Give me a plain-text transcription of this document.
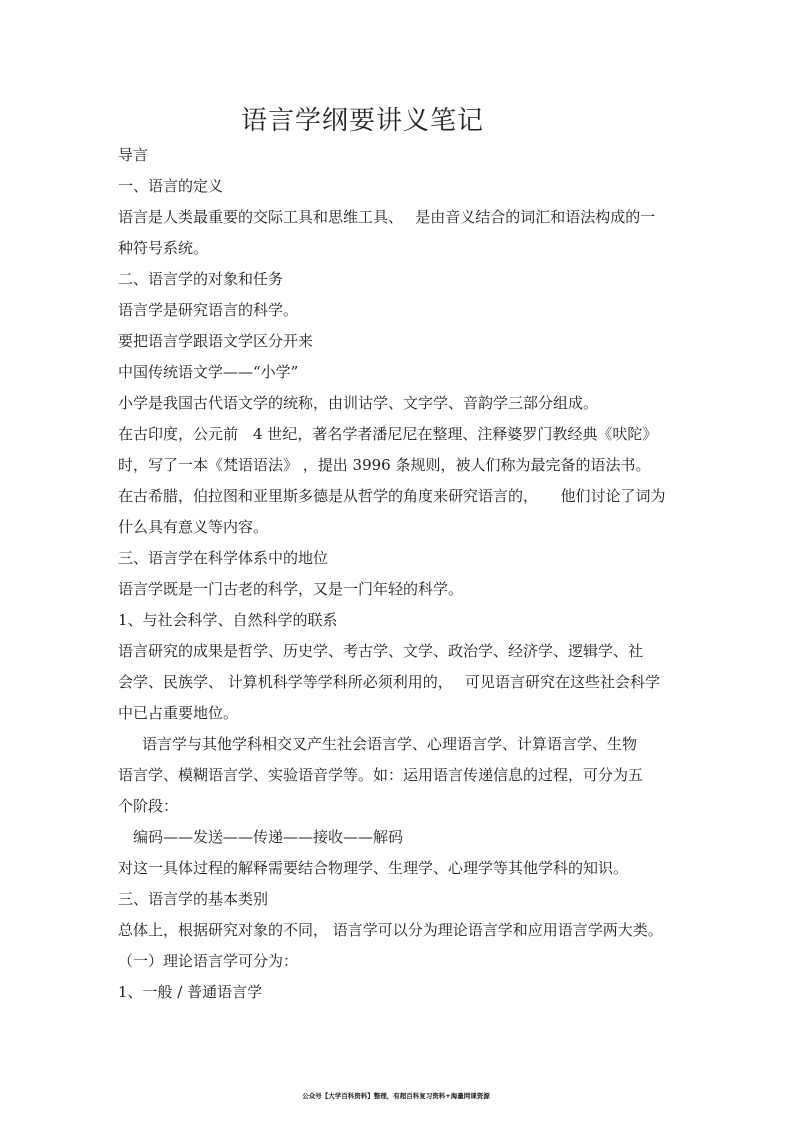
语言学纲要讲义笔记
导言
一、语言的定义
语言是人类最重要的交际工具和思维工具、　 是由音义结合的词汇和语法构成的一
种符号系统。
二、语言学的对象和任务
语言学是研究语言的科学。
要把语言学跟语文学区分开来
中国传统语文学——“小学”
小学是我国古代语文学的统称，由训诂学、文字学、音韵学三部分组成。
在古印度，公元前　4 世纪，著名学者潘尼尼在整理、注释婆罗门教经典《吠陀》
时，写了一本《梵语语法》 ，提出 3996 条规则，被人们称为最完备的语法书。
在古希腊，伯拉图和亚里斯多德是从哲学的角度来研究语言的，　　他们讨论了词为
什么具有意义等内容。
三、语言学在科学体系中的地位
语言学既是一门古老的科学，又是一门年轻的科学。
1、与社会科学、自然科学的联系
语言研究的成果是哲学、历史学、考古学、文学、政治学、经济学、逻辑学、社
会学、民族学、 计算机科学等学科所必须利用的，　 可见语言研究在这些社会科学
中已占重要地位。
语言学与其他学科相交叉产生社会语言学、心理语言学、计算语言学、生物
语言学、模糊语言学、实验语音学等。如：运用语言传递信息的过程，可分为五
个阶段：
编码——发送——传递——接收——解码
对这一具体过程的解释需要结合物理学、生理学、心理学等其他学科的知识。
三、语言学的基本类别
总体上，根据研究对象的不同， 语言学可以分为理论语言学和应用语言学两大类。
（一）理论语言学可分为：
1、一般 / 普通语言学
公众号【大学百科资料】整理，有超百科复习资料+海量网课资源
